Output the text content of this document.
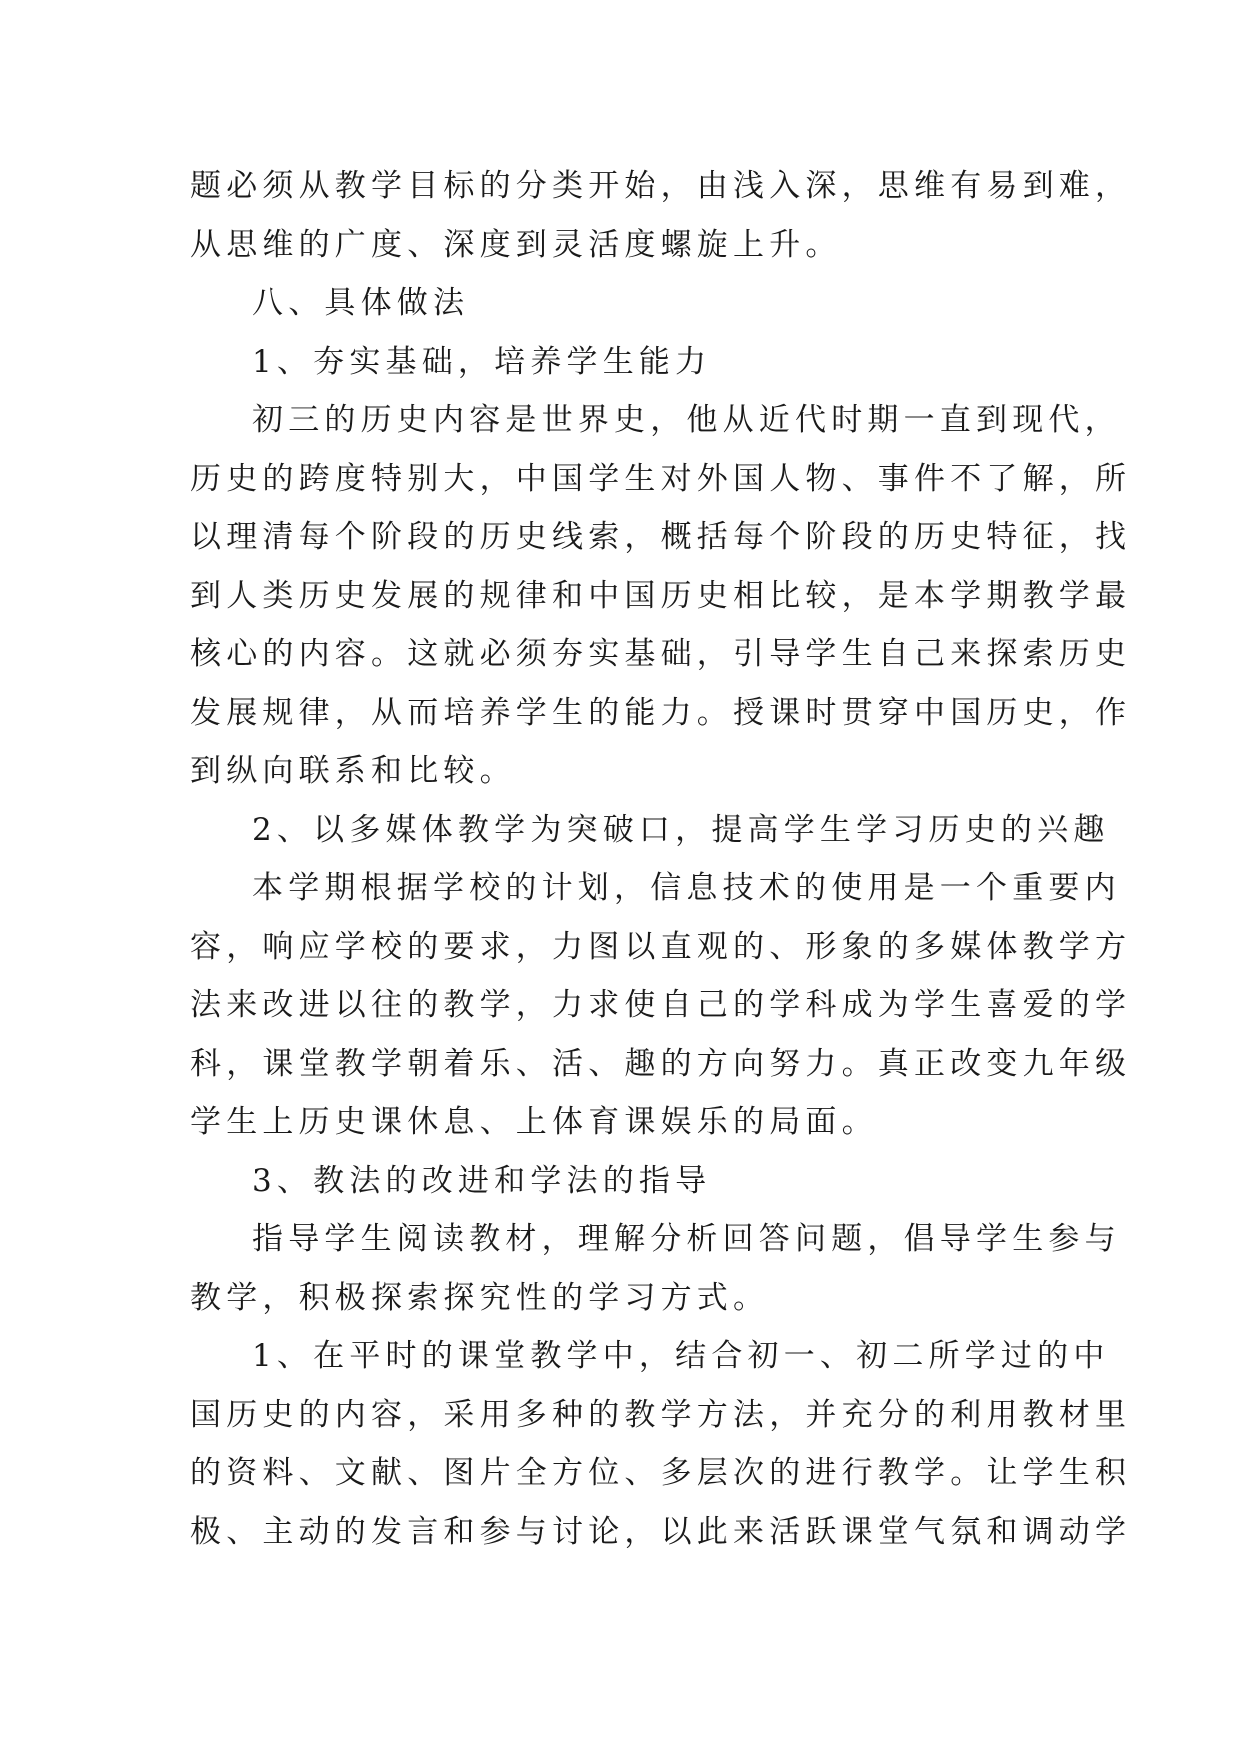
题必须从教学目标的分类开始，由浅入深，思维有易到难，
从思维的广度、深度到灵活度螺旋上升。
八、具体做法
1、夯实基础，培养学生能力
初三的历史内容是世界史，他从近代时期一直到现代，
历史的跨度特别大，中国学生对外国人物、事件不了解，所
以理清每个阶段的历史线索，概括每个阶段的历史特征，找
到人类历史发展的规律和中国历史相比较，是本学期教学最
核心的内容。这就必须夯实基础，引导学生自己来探索历史
发展规律，从而培养学生的能力。授课时贯穿中国历史，作
到纵向联系和比较。
2、以多媒体教学为突破口，提高学生学习历史的兴趣
本学期根据学校的计划，信息技术的使用是一个重要内
容，响应学校的要求，力图以直观的、形象的多媒体教学方
法来改进以往的教学，力求使自己的学科成为学生喜爱的学
科，课堂教学朝着乐、活、趣的方向努力。真正改变九年级
学生上历史课休息、上体育课娱乐的局面。
3、教法的改进和学法的指导
指导学生阅读教材，理解分析回答问题，倡导学生参与
教学，积极探索探究性的学习方式。
1、在平时的课堂教学中，结合初一、初二所学过的中
国历史的内容，采用多种的教学方法，并充分的利用教材里
的资料、文献、图片全方位、多层次的进行教学。让学生积
极、主动的发言和参与讨论，以此来活跃课堂气氛和调动学
